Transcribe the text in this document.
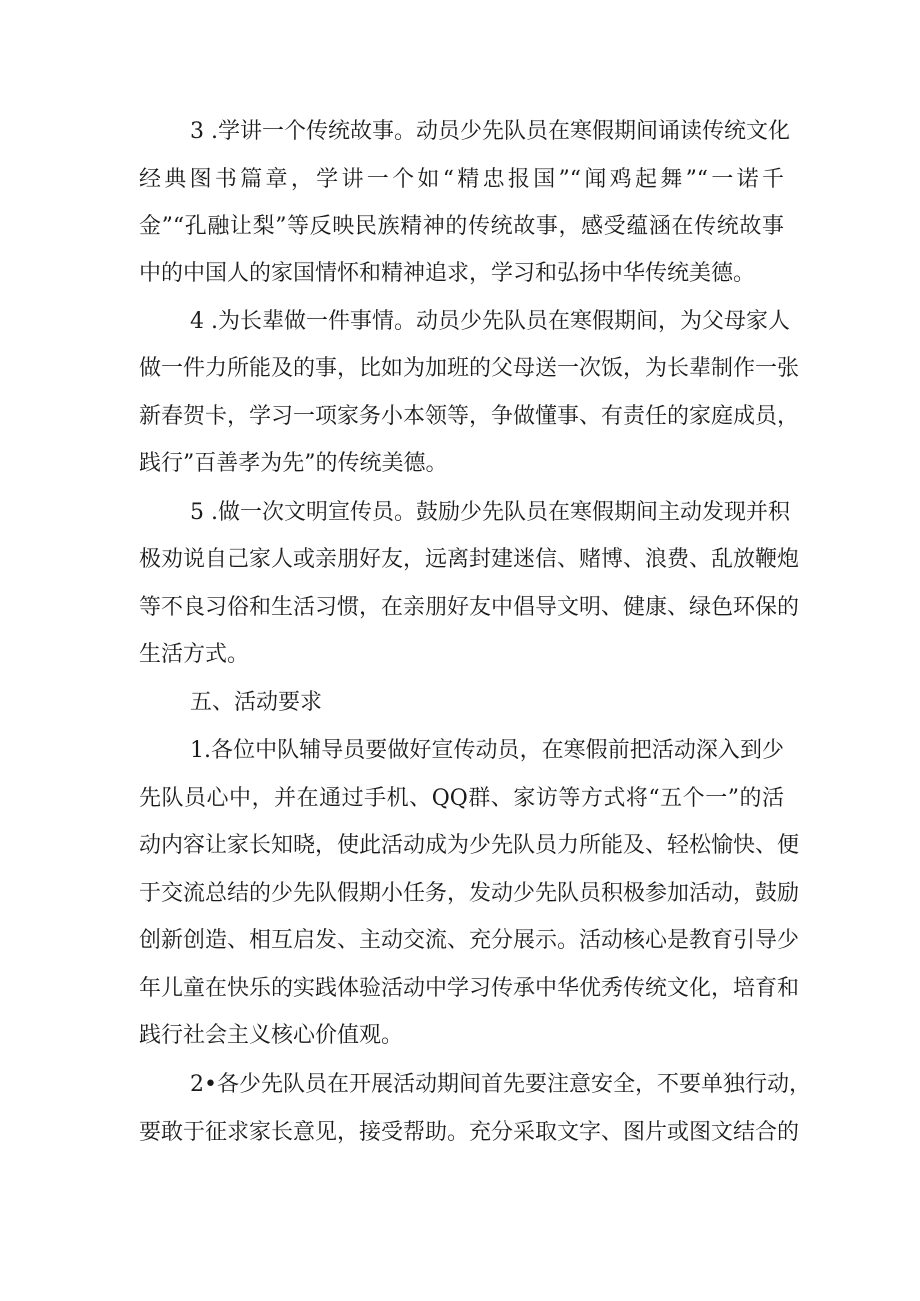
3 .学讲一个传统故事。动员少先队员在寒假期间诵读传统文化
经典图书篇章，学讲一个如“精忠报国”“闻鸡起舞”“一诺千
金”“孔融让梨”等反映民族精神的传统故事，感受蕴涵在传统故事
中的中国人的家国情怀和精神追求，学习和弘扬中华传统美德。
4 .为长辈做一件事情。动员少先队员在寒假期间，为父母家人
做一件力所能及的事，比如为加班的父母送一次饭，为长辈制作一张
新春贺卡，学习一项家务小本领等，争做懂事、有责任的家庭成员，
践行”百善孝为先”的传统美德。
5 .做一次文明宣传员。鼓励少先队员在寒假期间主动发现并积
极劝说自己家人或亲朋好友，远离封建迷信、赌博、浪费、乱放鞭炮
等不良习俗和生活习惯，在亲朋好友中倡导文明、健康、绿色环保的
生活方式。
五、活动要求
1.各位中队辅导员要做好宣传动员，在寒假前把活动深入到少
先队员心中，并在通过手机、QQ群、家访等方式将“五个一”的活
动内容让家长知晓，使此活动成为少先队员力所能及、轻松愉快、便
于交流总结的少先队假期小任务，发动少先队员积极参加活动，鼓励
创新创造、相互启发、主动交流、充分展示。活动核心是教育引导少
年儿童在快乐的实践体验活动中学习传承中华优秀传统文化，培育和
践行社会主义核心价值观。
2•各少先队员在开展活动期间首先要注意安全，不要单独行动，
要敢于征求家长意见，接受帮助。充分采取文字、图片或图文结合的
